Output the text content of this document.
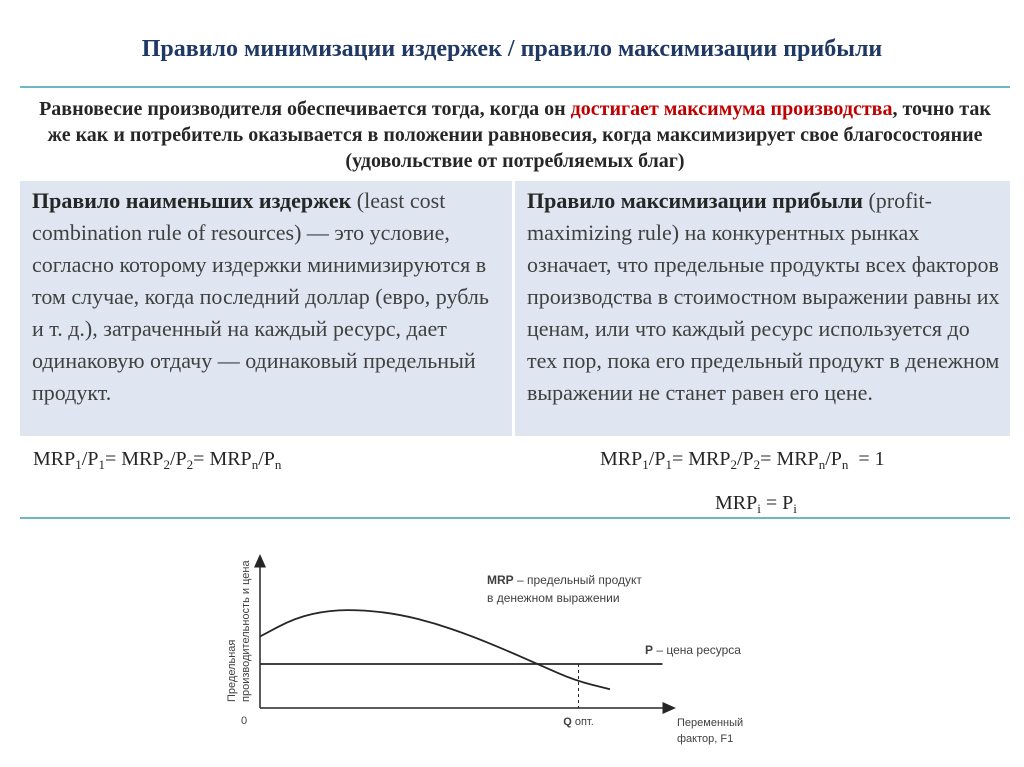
Правило минимизации издержек / правило максимизации прибыли
Равновесие производителя обеспечивается тогда, когда он достигает максимума производства, точно так же как и потребитель оказывается в положении равновесия, когда максимизирует свое благосостояние (удовольствие от потребляемых благ)
Правило наименьших издержек (least cost combination rule of resources) — это условие, согласно которому издержки минимизируются в том случае, когда последний доллар (евро, рубль и т. д.), затраченный на каждый ресурс, дает одинаковую отдачу — одинаковый предельный продукт.
Правило максимизации прибыли (profit-maximizing rule) на конкурентных рынках означает, что предельные продукты всех факторов производства в стоимостном выражении равны их ценам, или что каждый ресурс используется до тех пор, пока его предельный продукт в денежном выражении не станет равен его цене.
$MRP_1/P_1= MRP_2/P_2= MRP_n/P_n$	$MRP_1/P_1= MRP_2/P_2= MRP_n/P_n = 1$
$MRP_i = P_i$
Предельная производительность и цена
0	Переменный
фактор, F1
MRP – предельный продукт
в денежном выражении
P – цена ресурса
Q опт.
